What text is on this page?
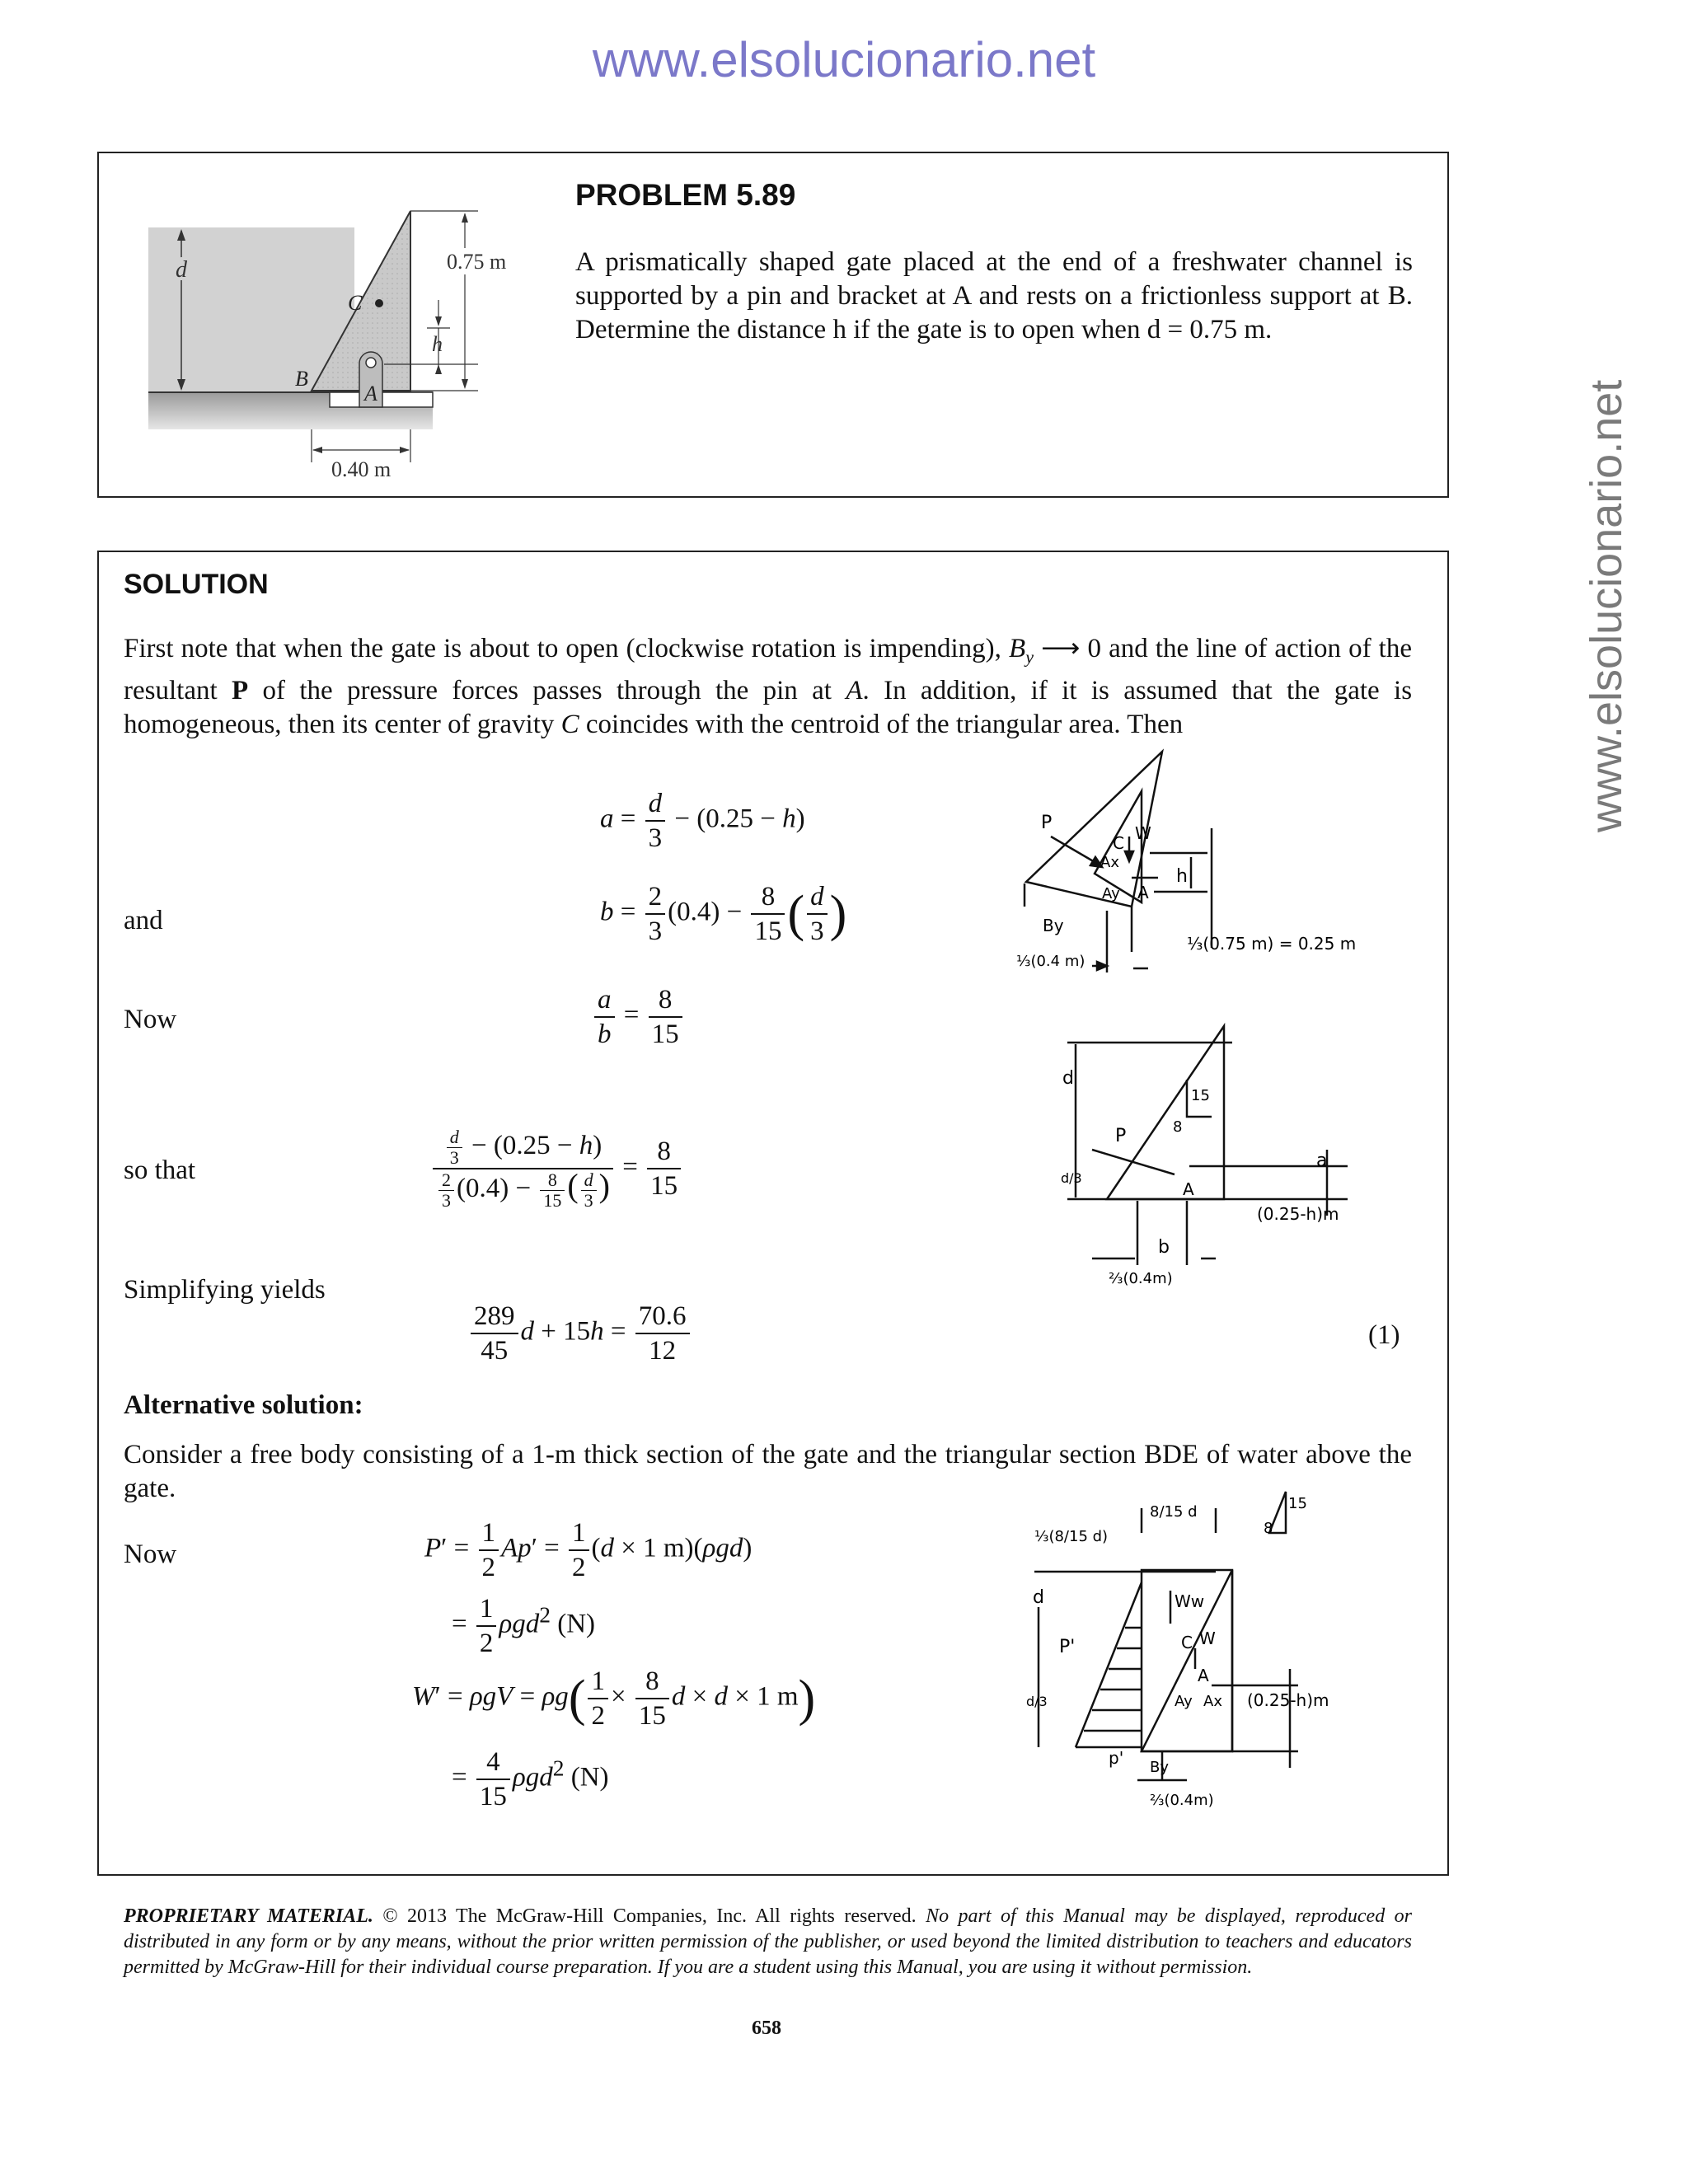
www.elsolucionario.net
www.elsolucionario.net
d
C
B
A
0.75 m
h
0.40 m
PROBLEM 5.89
A prismatically shaped gate placed at the end of a freshwater channel is supported by a pin and bracket at A and rests on a frictionless support at B. Determine the distance h if the gate is to open when d = 0.75 m.
SOLUTION
First note that when the gate is about to open (clockwise rotation is impending), $B_y$ ⟶ 0 and the line of action of the resultant P of the pressure forces passes through the pin at A. In addition, if it is assumed that the gate is homogeneous, then its center of gravity C coincides with the centroid of the triangular area. Then
$a = \frac{d}{3} - (0.25 - h)$
and	$b = \frac{2}{3} (0.4) - \frac{8}{15}$ ( $\frac{d}{3}$ )
Now	$\frac{a}{b} = \frac{8}{15}$
so that	$\frac{\frac{d}{3} - (0.25 - h)}{\frac{2}{3} (0.4) - \frac{8}{15} ( \frac{d}{3} )} = \frac{8}{15}$
Simplifying yields
$\frac{289}{45}$ $d + 15h = \frac{70.6}{12}$	(1)
Alternative solution:
Consider a free body consisting of a 1-m thick section of the gate and the triangular section BDE of water above the gate.
Now	$P' = \frac{1}{2} Ap' = \frac{1}{2} (d \times 1$ m)(ρgd)
= $\frac{1}{2} \rho gd^2$ (N)
$W' = \rho gV = \rho g( \frac{1}{2} \times \frac{8}{15}$ d × d × 1 m)
= $\frac{4}{15} \rho gd^2$ (N)
P
C W
Ax
Ay A
h
By
⅓(0.4 m)
⅓(0.75 m) = 0.25 m
d
d/3
P
15
8
a
A
b
(0.25-h)m
⅔(0.4m)
⅓(8/15 d)
8/15 d	15
8
d	Ww
P'	C W
A
d/3	Ay Ax (0.25-h)m
p' By
⅔(0.4m)
PROPRIETARY MATERIAL. © 2013 The McGraw-Hill Companies, Inc. All rights reserved. No part of this Manual may be displayed, reproduced or distributed in any form or by any means, without the prior written permission of the publisher, or used beyond the limited distribution to teachers and educators permitted by McGraw-Hill for their individual course preparation. If you are a student using this Manual, you are using it without permission.
658
